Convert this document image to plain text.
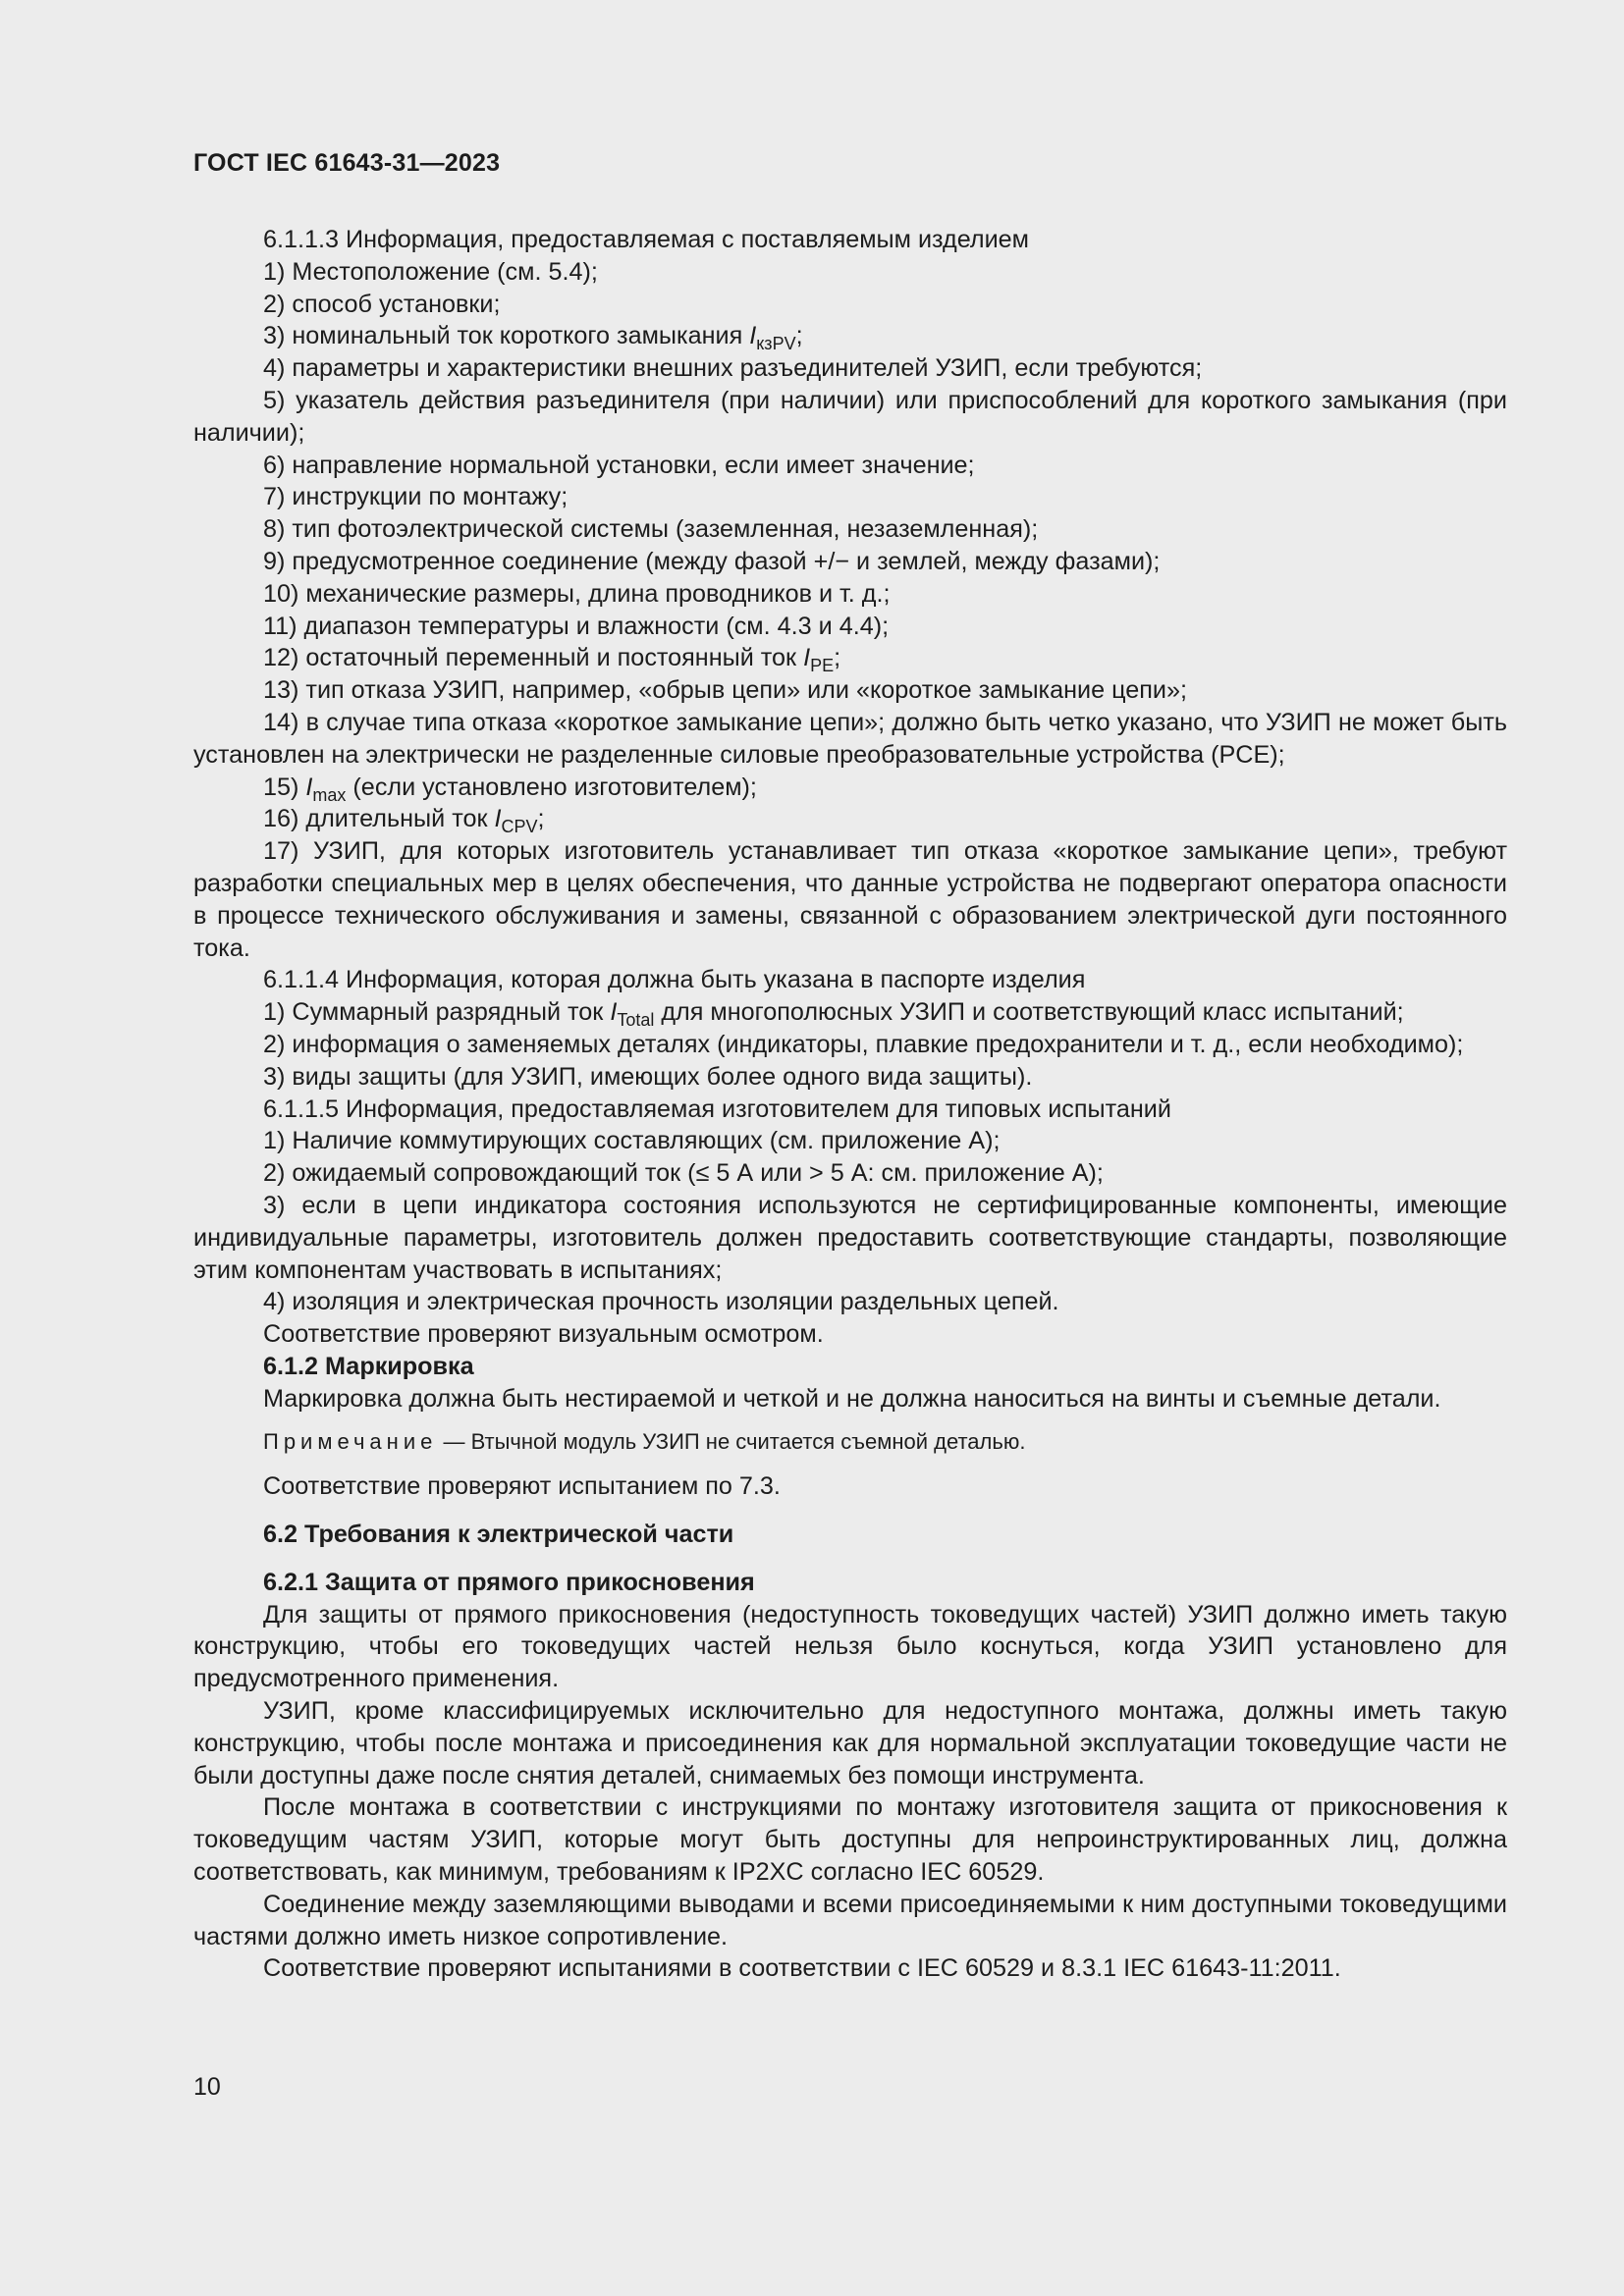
ГОСТ IEC 61643-31—2023

6.1.1.3 Информация, предоставляемая с поставляемым изделием

1) Местоположение (см. 5.4);

2) способ установки;

3) номинальный ток короткого замыкания $I_{кзPV}$;

4) параметры и характеристики внешних разъединителей УЗИП, если требуются;

5) указатель действия разъединителя (при наличии) или приспособлений для короткого замыкания (при наличии);

6) направление нормальной установки, если имеет значение;

7) инструкции по монтажу;

8) тип фотоэлектрической системы (заземленная, незаземленная);

9) предусмотренное соединение (между фазой +/− и землей, между фазами);

10) механические размеры, длина проводников и т. д.;

11) диапазон температуры и влажности (см. 4.3 и 4.4);

12) остаточный переменный и постоянный ток $I_{PE}$;

13) тип отказа УЗИП, например, «обрыв цепи» или «короткое замыкание цепи»;

14) в случае типа отказа «короткое замыкание цепи»; должно быть четко указано, что УЗИП не может быть установлен на электрически не разделенные силовые преобразовательные устройства (PCE);

15) $I_{max}$ (если установлено изготовителем);

16) длительный ток $I_{CPV}$;

17) УЗИП, для которых изготовитель устанавливает тип отказа «короткое замыкание цепи», требуют разработки специальных мер в целях обеспечения, что данные устройства не подвергают оператора опасности в процессе технического обслуживания и замены, связанной с образованием электрической дуги постоянного тока.

6.1.1.4 Информация, которая должна быть указана в паспорте изделия

1) Суммарный разрядный ток $I_{Total}$ для многополюсных УЗИП и соответствующий класс испытаний;

2) информация о заменяемых деталях (индикаторы, плавкие предохранители и т. д., если необходимо);

3) виды защиты (для УЗИП, имеющих более одного вида защиты).

6.1.1.5 Информация, предоставляемая изготовителем для типовых испытаний

1) Наличие коммутирующих составляющих (см. приложение А);

2) ожидаемый сопровождающий ток (≤ 5 А или > 5 А: см. приложение А);

3) если в цепи индикатора состояния используются не сертифицированные компоненты, имеющие индивидуальные параметры, изготовитель должен предоставить соответствующие стандарты, позволяющие этим компонентам участвовать в испытаниях;

4) изоляция и электрическая прочность изоляции раздельных цепей.

Соответствие проверяют визуальным осмотром.

6.1.2 Маркировка

Маркировка должна быть нестираемой и четкой и не должна наноситься на винты и съемные детали.

Примечание — Втычной модуль УЗИП не считается съемной деталью.

Соответствие проверяют испытанием по 7.3.

6.2 Требования к электрической части

6.2.1 Защита от прямого прикосновения

Для защиты от прямого прикосновения (недоступность токоведущих частей) УЗИП должно иметь такую конструкцию, чтобы его токоведущих частей нельзя было коснуться, когда УЗИП установлено для предусмотренного применения.

УЗИП, кроме классифицируемых исключительно для недоступного монтажа, должны иметь такую конструкцию, чтобы после монтажа и присоединения как для нормальной эксплуатации токоведущие части не были доступны даже после снятия деталей, снимаемых без помощи инструмента.

После монтажа в соответствии с инструкциями по монтажу изготовителя защита от прикосновения к токоведущим частям УЗИП, которые могут быть доступны для непроинструктированных лиц, должна соответствовать, как минимум, требованиям к IP2XC согласно IEC 60529.

Соединение между заземляющими выводами и всеми присоединяемыми к ним доступными токоведущими частями должно иметь низкое сопротивление.

Соответствие проверяют испытаниями в соответствии с IEC 60529 и 8.3.1 IEC 61643-11:2011.

10
